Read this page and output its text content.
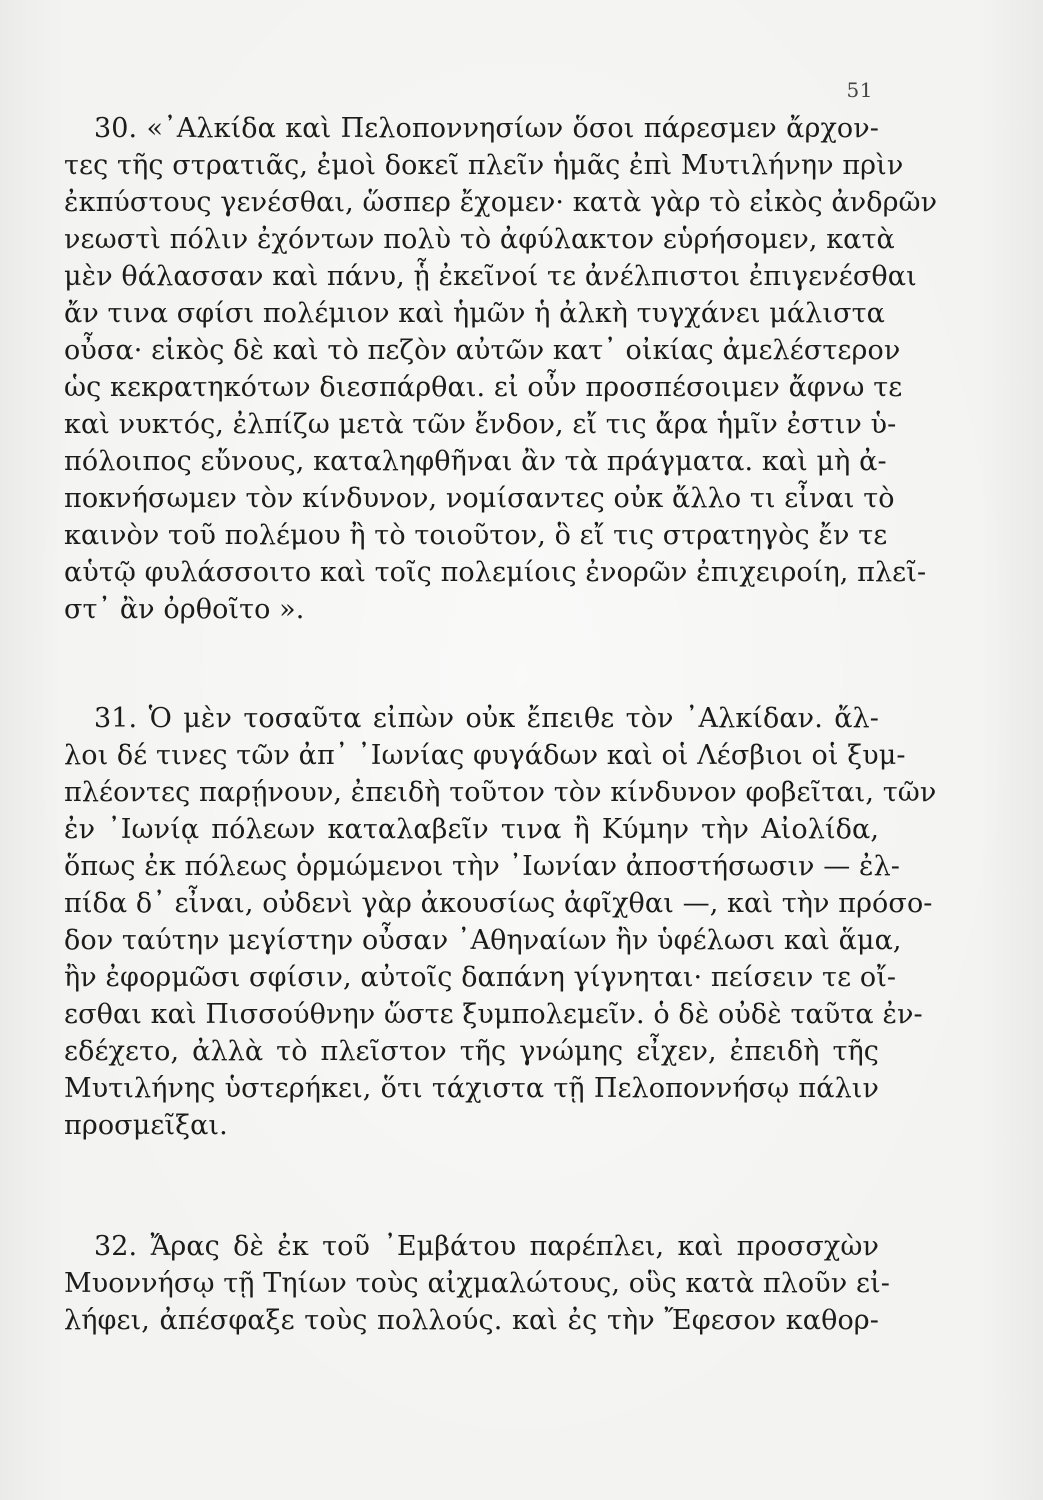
51
30. «᾽Αλκίδα καὶ Πελοποννησίων ὅσοι πάρεσμεν ἄρχον-
τες τῆς στρατιᾶς, ἐμοὶ δοκεῖ πλεῖν ἡμᾶς ἐπὶ Μυτιλήνην πρὶν
ἐκπύστους γενέσθαι, ὥσπερ ἔχομεν· κατὰ γὰρ τὸ εἰκὸς ἀνδρῶν
νεωστὶ πόλιν ἐχόντων πολὺ τὸ ἀφύλακτον εὑρήσομεν, κατὰ
μὲν θάλασσαν καὶ πάνυ, ᾗ ἐκεῖνοί τε ἀνέλπιστοι ἐπιγενέσθαι
ἄν τινα σφίσι πολέμιον καὶ ἡμῶν ἡ ἀλκὴ τυγχάνει μάλιστα
οὖσα· εἰκὸς δὲ καὶ τὸ πεζὸν αὐτῶν κατ᾽ οἰκίας ἀμελέστερον
ὡς κεκρατηκότων διεσπάρθαι. εἰ οὖν προσπέσοιμεν ἄφνω τε
καὶ νυκτός, ἐλπίζω μετὰ τῶν ἔνδον, εἴ τις ἄρα ἡμῖν ἐστιν ὑ-
πόλοιπος εὔνους, καταληφθῆναι ἂν τὰ πράγματα. καὶ μὴ ἀ-
ποκνήσωμεν τὸν κίνδυνον, νομίσαντες οὐκ ἄλλο τι εἶναι τὸ
καινὸν τοῦ πολέμου ἢ τὸ τοιοῦτον, ὃ εἴ τις στρατηγὸς ἔν τε
αὑτῷ φυλάσσοιτο καὶ τοῖς πολεμίοις ἐνορῶν ἐπιχειροίη, πλεῖ-
στ᾽ ἂν ὀρθοῖτο ».
31. Ὁ μὲν τοσαῦτα εἰπὼν οὐκ ἔπειθε τὸν ᾽Αλκίδαν. ἄλ-
λοι δέ τινες τῶν ἀπ᾽ ᾽Ιωνίας φυγάδων καὶ οἱ Λέσβιοι οἱ ξυμ-
πλέοντες παρῄνουν, ἐπειδὴ τοῦτον τὸν κίνδυνον φοβεῖται, τῶν
ἐν ᾽Ιωνίᾳ πόλεων καταλαβεῖν τινα ἢ Κύμην τὴν Αἰολίδα,
ὅπως ἐκ πόλεως ὁρμώμενοι τὴν ᾽Ιωνίαν ἀποστήσωσιν — ἐλ-
πίδα δ᾽ εἶναι, οὐδενὶ γὰρ ἀκουσίως ἀφῖχθαι —, καὶ τὴν πρόσο-
δον ταύτην μεγίστην οὖσαν ᾽Αθηναίων ἢν ὑφέλωσι καὶ ἅμα,
ἢν ἐφορμῶσι σφίσιν, αὐτοῖς δαπάνη γίγνηται· πείσειν τε οἴ-
εσθαι καὶ Πισσούθνην ὥστε ξυμπολεμεῖν. ὁ δὲ οὐδὲ ταῦτα ἐν-
εδέχετο, ἀλλὰ τὸ πλεῖστον τῆς γνώμης εἶχεν, ἐπειδὴ τῆς
Μυτιλήνης ὑστερήκει, ὅτι τάχιστα τῇ Πελοποννήσῳ πάλιν
προσμεῖξαι.
32. Ἄρας δὲ ἐκ τοῦ ᾽Εμβάτου παρέπλει, καὶ προσσχὼν
Μυοννήσῳ τῇ Τηίων τοὺς αἰχμαλώτους, οὓς κατὰ πλοῦν εἰ-
λήφει, ἀπέσφαξε τοὺς πολλούς. καὶ ἐς τὴν Ἔφεσον καθορ-
